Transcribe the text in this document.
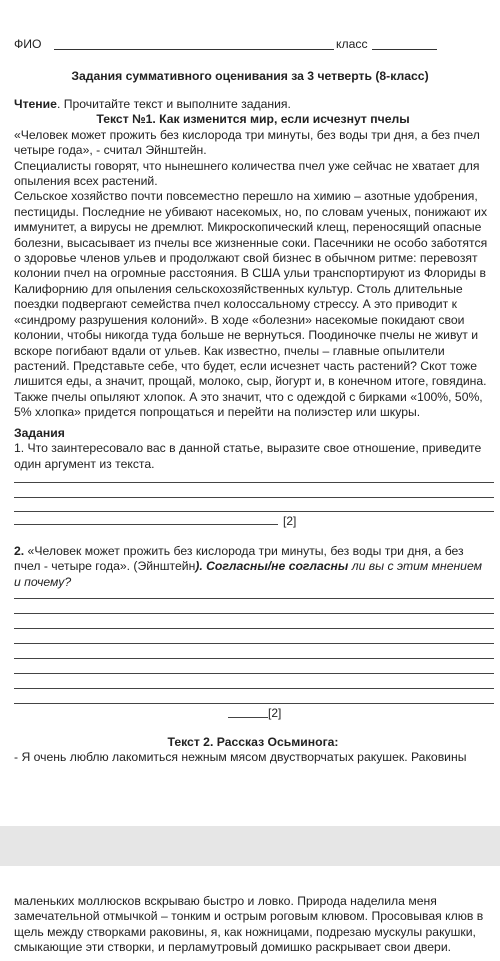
ФИО	класс
Задания суммативного оценивания за 3 четверть (8-класс)

Чтение. Прочитайте текст и выполните задания.

Текст №1. Как изменится мир, если исчезнут пчелы

«Человек может прожить без кислорода три минуты, без воды три дня, а без пчел четыре года», - считал Эйнштейн.

Специалисты говорят, что нынешнего количества пчел уже сейчас не хватает для опыления всех растений.

Сельское хозяйство почти повсеместно перешло на химию – азотные удобрения, пестициды. Последние не убивают насекомых, но, по словам ученых, понижают их иммунитет, а вирусы не дремлют. Микроскопический клещ, переносящий опасные болезни, высасывает из пчелы все жизненные соки. Пасечники не особо заботятся о здоровье членов ульев и продолжают свой бизнес в обычном ритме: перевозят колонии пчел на огромные расстояния. В США ульи транспортируют из Флориды в Калифорнию для опыления сельскохозяйственных культур. Столь длительные поездки подвергают семейства пчел колоссальному стрессу. А это приводит к «синдрому разрушения колоний». В ходе «болезни» насекомые покидают свои колонии, чтобы никогда туда больше не вернуться. Поодиночке пчелы не живут и вскоре погибают вдали от ульев. Как известно, пчелы – главные опылители растений. Представьте себе, что будет, если исчезнет часть растений? Скот тоже лишится еды, а значит, прощай, молоко, сыр, йогурт и, в конечном итоге, говядина. Также пчелы опыляют хлопок. А это значит, что с одеждой с бирками «100%, 50%, 5% хлопка» придется попрощаться и перейти на полиэстер или шкуры.

Задания

1. Что заинтересовало вас в данной статье, выразите свое отношение, приведите один аргумент из текста.

[2]

2. «Человек может прожить без кислорода три минуты, без воды три дня, а без пчел - четыре года». (Эйнштейн). Согласны/не согласны ли вы с этим мнением и почему?

[2]

Текст 2. Рассказ Осьминога:

- Я очень люблю лакомиться нежным мясом двустворчатых ракушек. Раковины

маленьких моллюсков вскрываю быстро и ловко. Природа наделила меня замечательной отмычкой – тонким и острым роговым клювом. Просовывая клюв в щель между створками раковины, я, как ножницами, подрезаю мускулы ракушки, смыкающие эти створки, и перламутровый домишко раскрывает свои двери.
